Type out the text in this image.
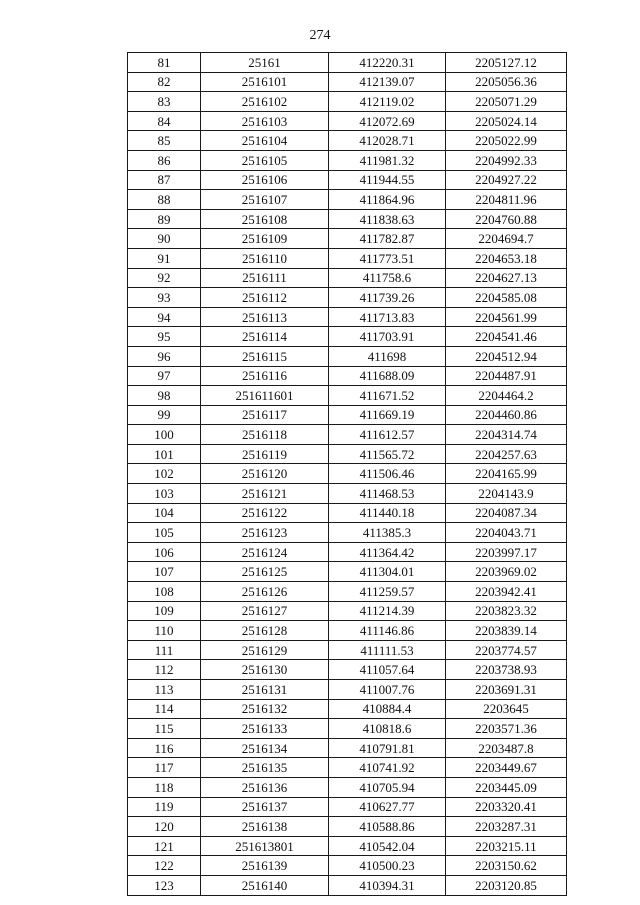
274
81	25161	412220.31	2205127.12
82	2516101	412139.07	2205056.36
83	2516102	412119.02	2205071.29
84	2516103	412072.69	2205024.14
85	2516104	412028.71	2205022.99
86	2516105	411981.32	2204992.33
87	2516106	411944.55	2204927.22
88	2516107	411864.96	2204811.96
89	2516108	411838.63	2204760.88
90	2516109	411782.87	2204694.7
91	2516110	411773.51	2204653.18
92	2516111	411758.6	2204627.13
93	2516112	411739.26	2204585.08
94	2516113	411713.83	2204561.99
95	2516114	411703.91	2204541.46
96	2516115	411698	2204512.94
97	2516116	411688.09	2204487.91
98	251611601	411671.52	2204464.2
99	2516117	411669.19	2204460.86
100	2516118	411612.57	2204314.74
101	2516119	411565.72	2204257.63
102	2516120	411506.46	2204165.99
103	2516121	411468.53	2204143.9
104	2516122	411440.18	2204087.34
105	2516123	411385.3	2204043.71
106	2516124	411364.42	2203997.17
107	2516125	411304.01	2203969.02
108	2516126	411259.57	2203942.41
109	2516127	411214.39	2203823.32
110	2516128	411146.86	2203839.14
111	2516129	411111.53	2203774.57
112	2516130	411057.64	2203738.93
113	2516131	411007.76	2203691.31
114	2516132	410884.4	2203645
115	2516133	410818.6	2203571.36
116	2516134	410791.81	2203487.8
117	2516135	410741.92	2203449.67
118	2516136	410705.94	2203445.09
119	2516137	410627.77	2203320.41
120	2516138	410588.86	2203287.31
121	251613801	410542.04	2203215.11
122	2516139	410500.23	2203150.62
123	2516140	410394.31	2203120.85
